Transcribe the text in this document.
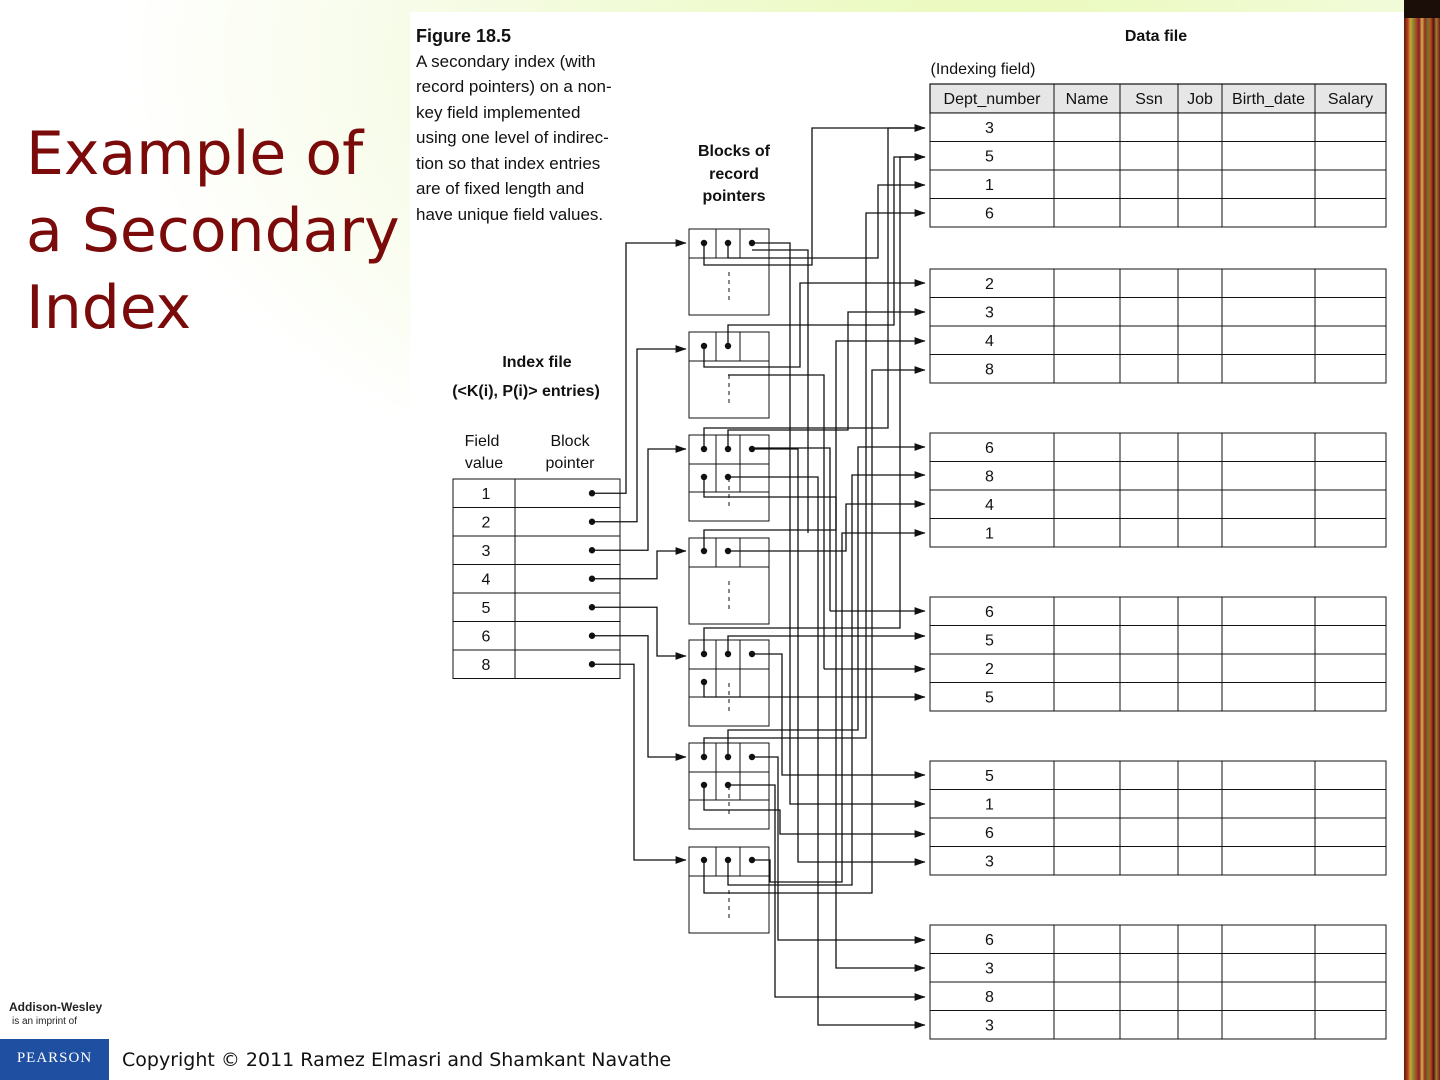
Example of
a Secondary
Index
Figure 18.5
A secondary index (with
record pointers) on a non-
key field implemented
using one level of indirec-
tion so that index entries
are of fixed length and
have unique field values.
Data file
(Indexing field)
Blocks of
record
pointers
Index file
(<K(i), P(i)> entries)
Field
value
Block
pointer
Dept_number Name Ssn Job Birth_date Salary
3
5
1
6
2
3
4
8
6
8
4
1
6
5
2
5
5
1
6
3
6
3
8
3
1
2
3
4
5
6
8
Addison-Wesley
is an imprint of
PEARSON	Copyright © 2011 Ramez Elmasri and Shamkant Navathe
